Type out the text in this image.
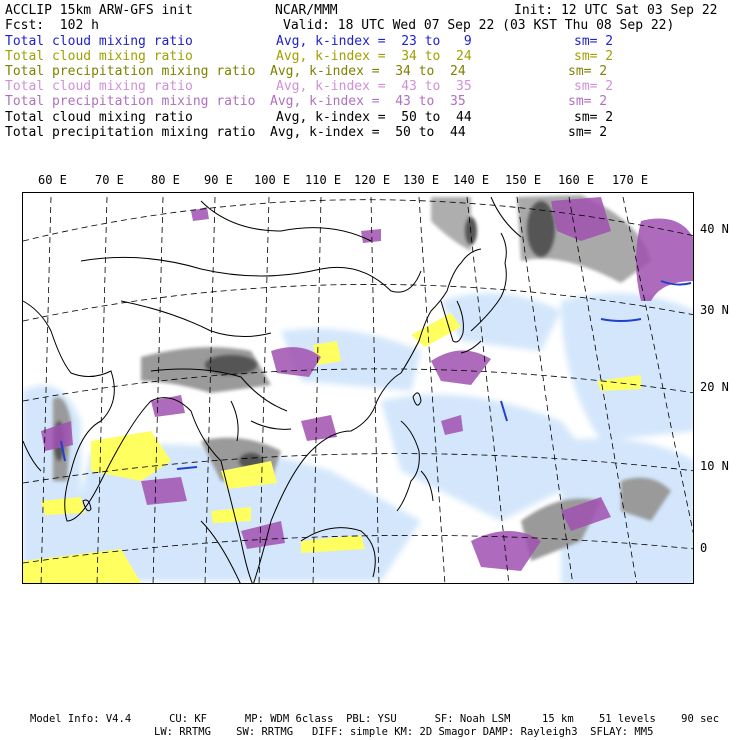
ACCLIP 15km ARW-GFS init	NCAR/MMM	Init: 12 UTC Sat 03 Sep 22
Fcst:  102 h	Valid: 18 UTC Wed 07 Sep 22 (03 KST Thu 08 Sep 22)
Total cloud mixing ratio	Avg, k-index =  23 to   9	sm= 2
Total cloud mixing ratio	Avg, k-index =  34 to  24	sm= 2
Total precipitation mixing ratio Avg, k-index =  34 to  24	sm= 2
Total cloud mixing ratio	Avg, k-index =  43 to  35	sm= 2
Total precipitation mixing ratio Avg, k-index =  43 to  35	sm= 2
Total cloud mixing ratio	Avg, k-index =  50 to  44	sm= 2
Total precipitation mixing ratio Avg, k-index =  50 to  44	sm= 2
60 E 70 E 80 E 90 E 100 E 110 E 120 E 130 E 140 E 150 E 160 E 170 E
40 N
30 N
20 N
10 N
0
Model Info: V4.4      CU: KF      MP: WDM 6class  PBL: YSU      SF: Noah LSM     15 km    51 levels    90 sec
LW: RRTMG    SW: RRTMG   DIFF: simple KM: 2D Smagor DAMP: Rayleigh3  SFLAY: MM5
